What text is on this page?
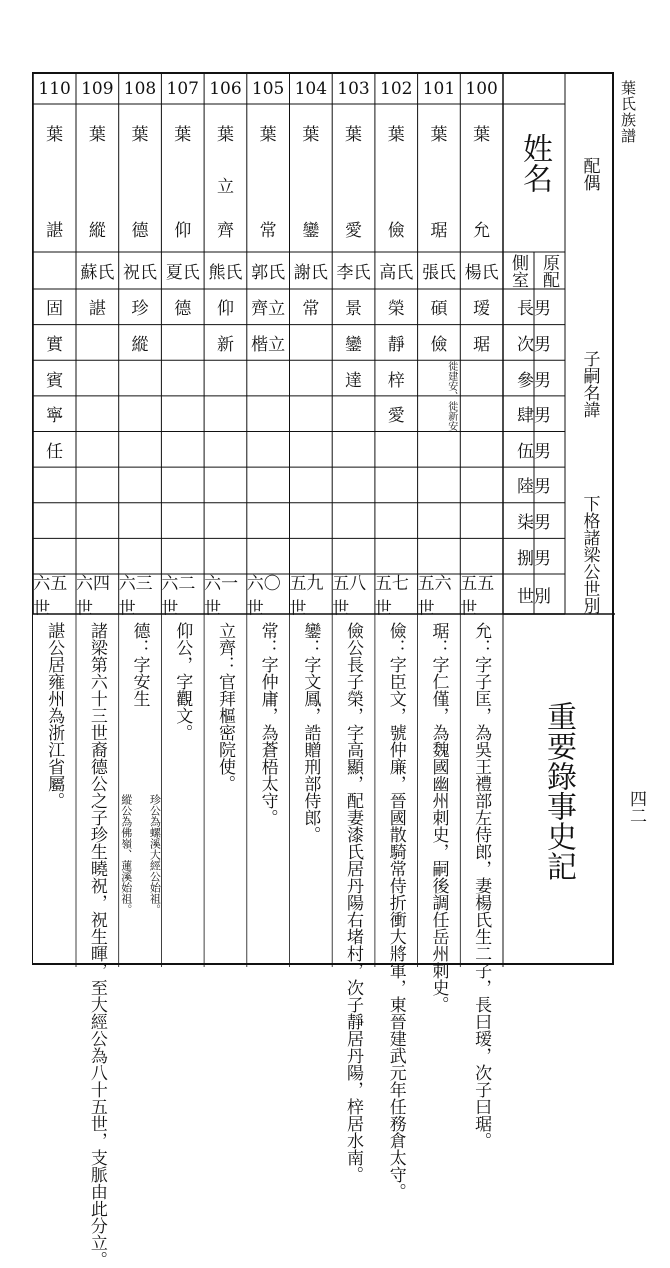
葉氏族譜
四二
姓名 配偶
子嗣名諱
下格諸梁公世別
原配
側室
長男
次男
參男
肆男
伍男
陸男
柒男
捌男
世別
重要錄事史記
100
葉
允
楊氏
瑷
琚
五五世
允：字子匡，為吳王禮部左侍郎，妻楊氏生二子，長曰瑷，次子曰琚。
101
葉
琚
張氏
碩
儉
徙建安、徙新安
五六世
琚：字仁僅，為魏國幽州刺史，嗣後調任岳州刺史。
102
葉
儉
高氏
榮
靜
梓
愛
五七世
儉：字臣文，號仲廉，晉國散騎常侍折衝大將軍，東晉建武元年任務倉太守。
103
葉
愛
李氏
景
鑾
達
五八世
儉公長子榮，字高顯，配妻漆氏居丹陽右堵村，次子靜居丹陽，梓居水南。
104
葉
鑾
謝氏
常
五九世
鑾：字文鳳，誥贈刑部侍郎。
105
葉
常
郭氏
齊立
楷立
六〇世
常：字仲庸，為蒼梧太守。
106
葉
立
齊
熊氏
仰
新
六一世
立齊：官拜樞密院使。
107
葉
仰
夏氏
德
六二世
仰公，字觀文。
108
葉
德
祝氏
珍
縱
六三世
德：字安生
珍公為螺溪大經公始祖。
縱公為佛嶺、蓮溪始祖。
109
葉
縱
蘇氏
諶
六四世
諸梁第六十三世裔德公之子珍生曉祝，祝生暉，至大經公為八十五世，支脈由此分立。
110
葉
諶
固
實
賓
寧
任
六五世
諶公居雍州為浙江省屬。
